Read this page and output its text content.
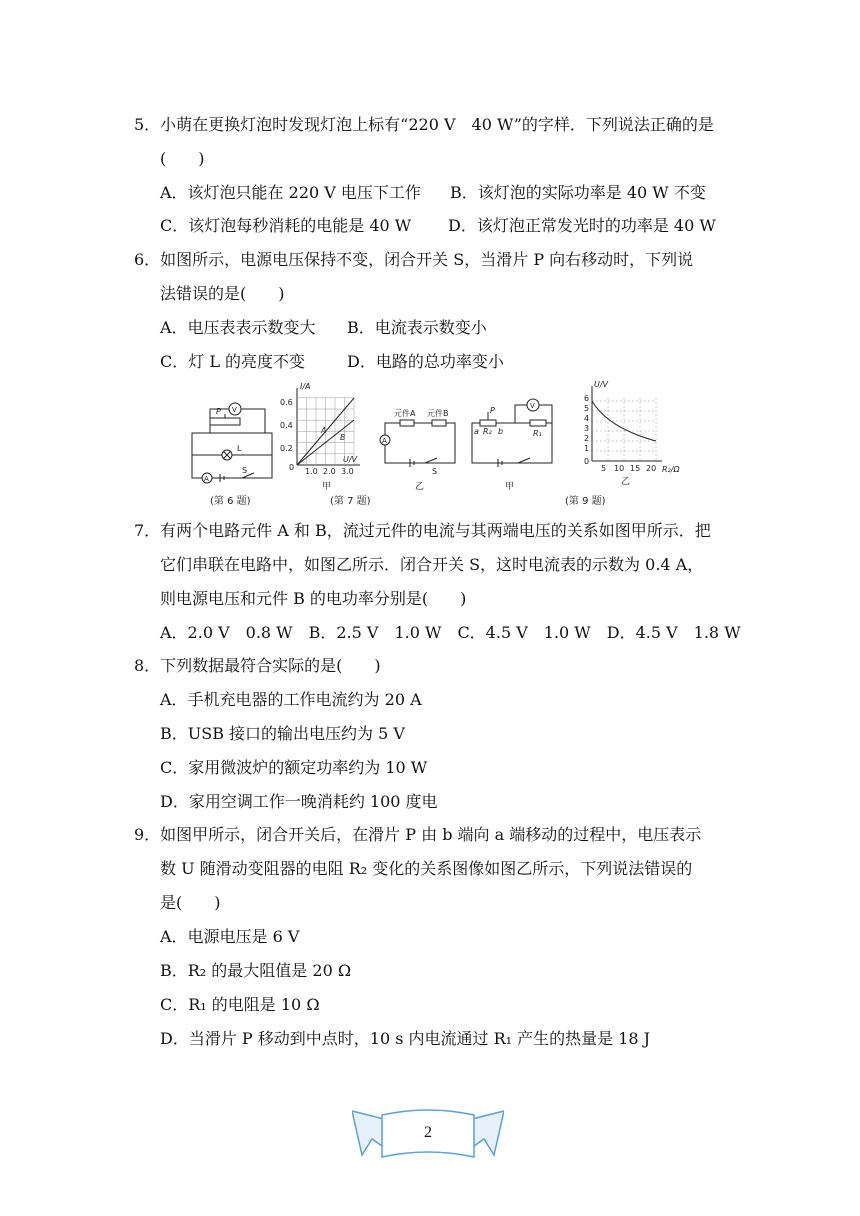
5．小萌在更换灯泡时发现灯泡上标有“220 V　40 W”的字样．下列说法正确的是
(　　)
A．该灯泡只能在 220 V 电压下工作 B．该灯泡的实际功率是 40 W 不变
C．该灯泡每秒消耗的电能是 40 W D．该灯泡正常发光时的功率是 40 W
6．如图所示，电源电压保持不变，闭合开关 S，当滑片 P 向右移动时，下列说
法错误的是(　　)
A．电压表表示数变大 B．电流表示数变小
C．灯 L 的亮度不变	D．电路的总功率变小
V
P
L
A
S
(第 6 题)
I/A
U/V
0.6
0.4
0.2
0 1.0 2.0 3.0
A
B
甲
元件A 元件B
A
S
乙
(第 7 题)
V
P
a R₂ b	R₁
甲
U/V
R₂/Ω
6
5
4
3
2
1
0
5 10 15 20
乙
(第 9 题)
7．有两个电路元件 A 和 B，流过元件的电流与其两端电压的关系如图甲所示．把
它们串联在电路中，如图乙所示．闭合开关 S，这时电流表的示数为 0.4 A，
则电源电压和元件 B 的电功率分别是(　　)
A．2.0 V　0.8 W　B．2.5 V　1.0 W　C．4.5 V　1.0 W　D．4.5 V　1.8 W
8．下列数据最符合实际的是(　　)
A．手机充电器的工作电流约为 20 A
B．USB 接口的输出电压约为 5 V
C．家用微波炉的额定功率约为 10 W
D．家用空调工作一晚消耗约 100 度电
9．如图甲所示，闭合开关后，在滑片 P 由 b 端向 a 端移动的过程中，电压表示
数 U 随滑动变阻器的电阻 R₂ 变化的关系图像如图乙所示，下列说法错误的
是(　　)
A．电源电压是 6 V
B．R₂ 的最大阻值是 20 Ω
C．R₁ 的电阻是 10 Ω
D．当滑片 P 移动到中点时，10 s 内电流通过 R₁ 产生的热量是 18 J
2
